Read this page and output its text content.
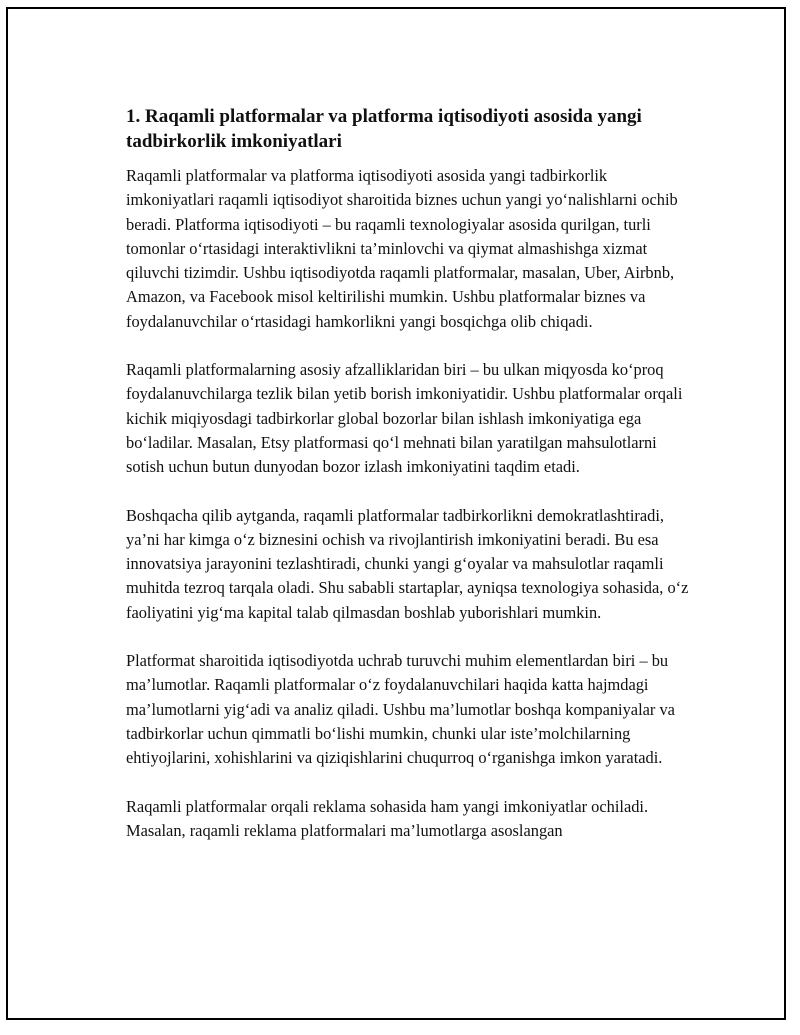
1. Raqamli platformalar va platforma iqtisodiyoti asosida yangi tadbirkorlik imkoniyatlari

Raqamli platformalar va platforma iqtisodiyoti asosida yangi tadbirkorlik imkoniyatlari raqamli iqtisodiyot sharoitida biznes uchun yangi yoʻnalishlarni ochib beradi. Platforma iqtisodiyoti – bu raqamli texnologiyalar asosida qurilgan, turli tomonlar oʻrtasidagi interaktivlikni ta’minlovchi va qiymat almashishga xizmat qiluvchi tizimdir. Ushbu iqtisodiyotda raqamli platformalar, masalan, Uber, Airbnb, Amazon, va Facebook misol keltirilishi mumkin. Ushbu platformalar biznes va foydalanuvchilar oʻrtasidagi hamkorlikni yangi bosqichga olib chiqadi.

Raqamli platformalarning asosiy afzalliklaridan biri – bu ulkan miqyosda koʻproq foydalanuvchilarga tezlik bilan yetib borish imkoniyatidir. Ushbu platformalar orqali kichik miqiyosdagi tadbirkorlar global bozorlar bilan ishlash imkoniyatiga ega boʻladilar. Masalan, Etsy platformasi qoʻl mehnati bilan yaratilgan mahsulotlarni sotish uchun butun dunyodan bozor izlash imkoniyatini taqdim etadi.

Boshqacha qilib aytganda, raqamli platformalar tadbirkorlikni demokratlashtiradi, ya’ni har kimga oʻz biznesini ochish va rivojlantirish imkoniyatini beradi. Bu esa innovatsiya jarayonini tezlashtiradi, chunki yangi gʻoyalar va mahsulotlar raqamli muhitda tezroq tarqala oladi. Shu sababli startaplar, ayniqsa texnologiya sohasida, oʻz faoliyatini yigʻma kapital talab qilmasdan boshlab yuborishlari mumkin.

Platformat sharoitida iqtisodiyotda uchrab turuvchi muhim elementlardan biri – bu ma’lumotlar. Raqamli platformalar oʻz foydalanuvchilari haqida katta hajmdagi ma’lumotlarni yigʻadi va analiz qiladi. Ushbu ma’lumotlar boshqa kompaniyalar va tadbirkorlar uchun qimmatli boʻlishi mumkin, chunki ular iste’molchilarning ehtiyojlarini, xohishlarini va qiziqishlarini chuqurroq oʻrganishga imkon yaratadi.

Raqamli platformalar orqali reklama sohasida ham yangi imkoniyatlar ochiladi. Masalan, raqamli reklama platformalari ma’lumotlarga asoslangan
